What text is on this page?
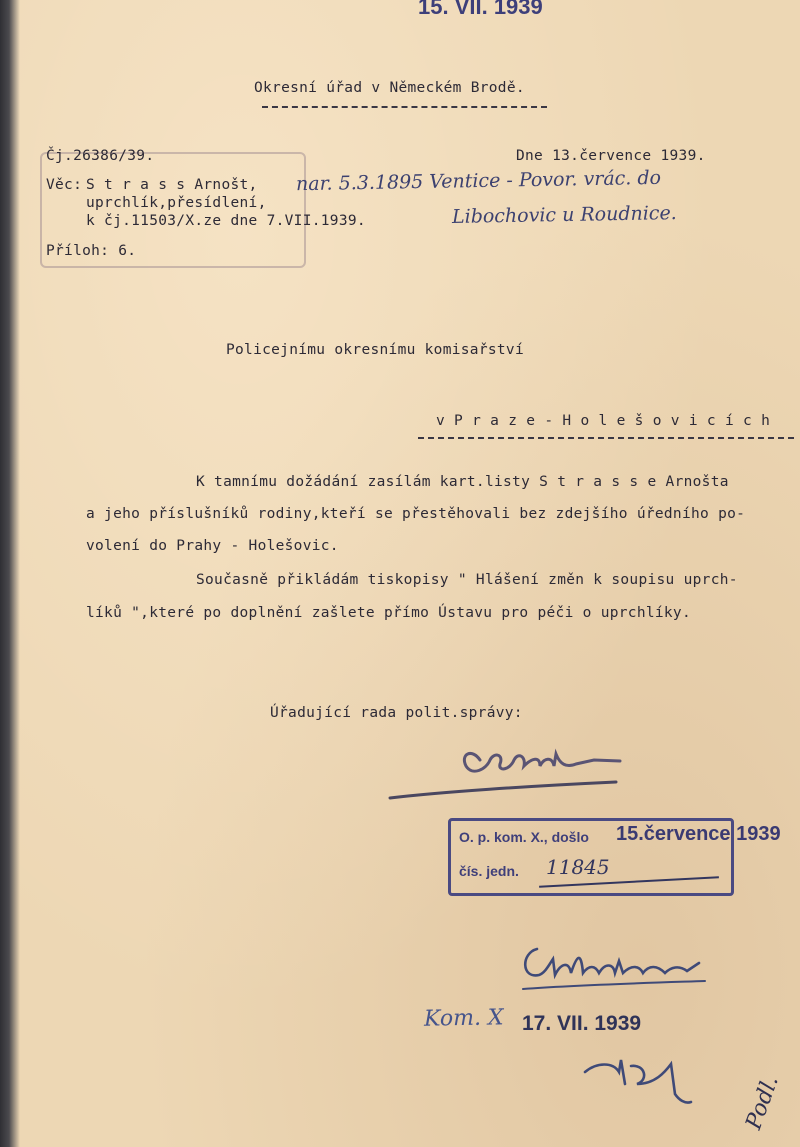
15. VII. 1939
Okresní úřad v Německém Brodě.
Čj.26386/39.	Dne 13.července 1939.
Věc: S t r a s s Arnošt,
uprchlík,přesídlení,
k čj.11503/X.ze dne 7.VII.1939.
Příloh: 6.
nar. 5.3.1895 Ventice - Povor. vrác. do
Libochovic u Roudnice.
Policejnímu okresnímu komisařství
v P r a z e - H o l e š o v i c í c h
K tamnímu dožádání zasílám kart.listy S t r a s s e Arnošta
a jeho příslušníků rodiny,kteří se přestěhovali bez zdejšího úředního po-
volení do Prahy - Holešovic.
Současně přikládám tiskopisy " Hlášení změn k soupisu uprch-
líků ",které po doplnění zašlete přímo Ústavu pro péči o uprchlíky.
Úřadující rada polit.správy:
O. p. kom. X., došlo 15.července 1939
čís. jedn. 11845
Kom. X 17. VII. 1939
Podl.
